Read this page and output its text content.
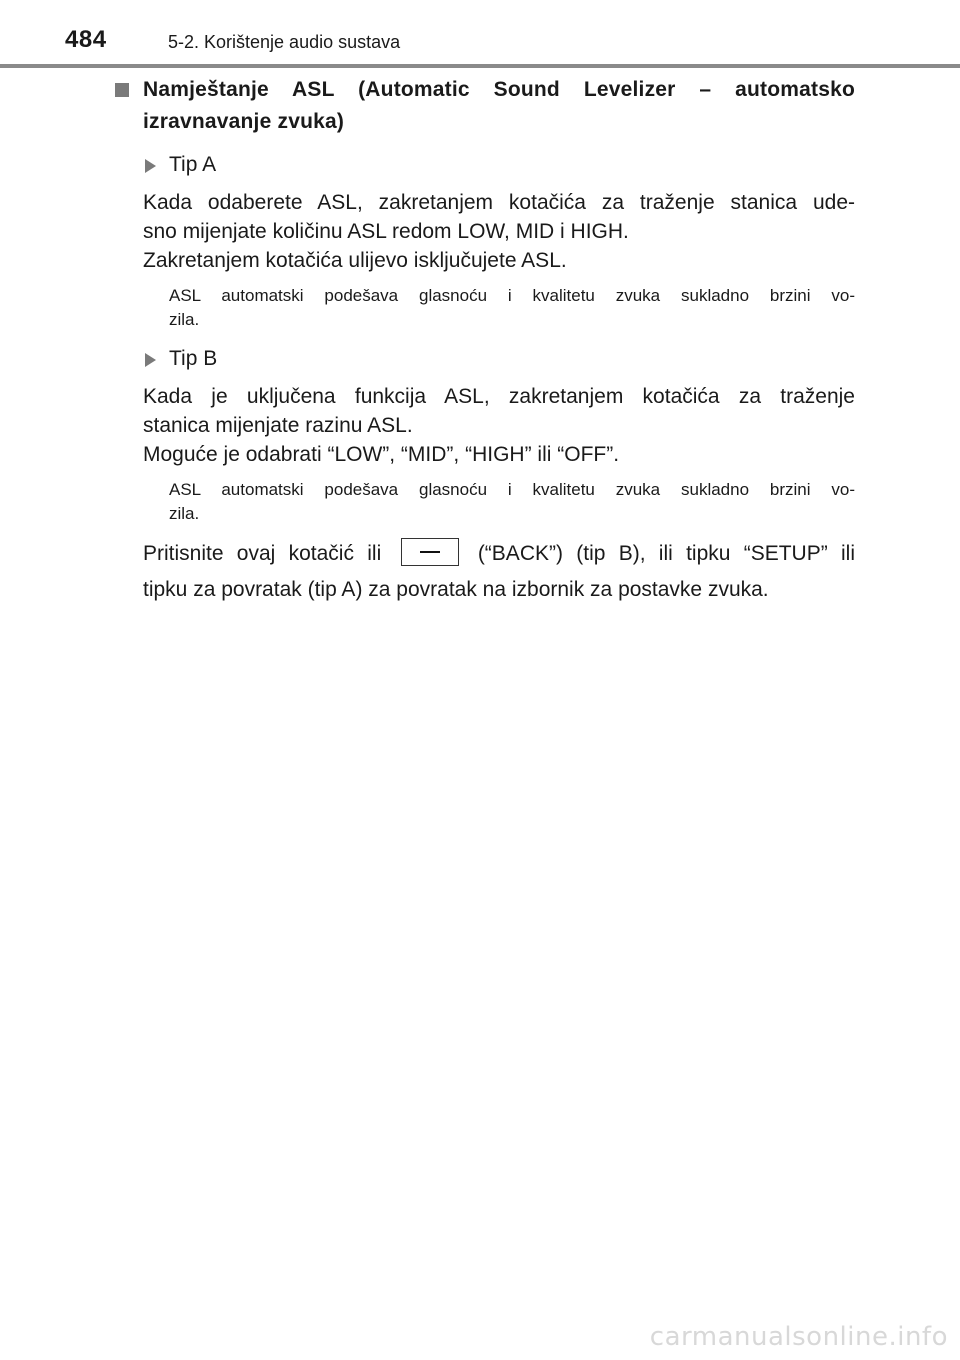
484	5-2. Korištenje audio sustava
Namještanje ASL (Automatic Sound Levelizer – automatsko
izravnavanje zvuka)
Tip A
Kada odaberete ASL, zakretanjem kotačića za traženje stanica ude-
sno mijenjate količinu ASL redom LOW, MID i HIGH.
Zakretanjem kotačića ulijevo isključujete ASL.
ASL automatski podešava glasnoću i kvalitetu zvuka sukladno brzini vo-
zila.
Tip B
Kada je uključena funkcija ASL, zakretanjem kotačića za traženje
stanica mijenjate razinu ASL.
Moguće je odabrati “LOW”, “MID”, “HIGH” ili “OFF”.
ASL automatski podešava glasnoću i kvalitetu zvuka sukladno brzini vo-
zila.
Pritisnite ovaj kotačić ili	(“BACK”) (tip B), ili tipku “SETUP” ili
tipku za povratak (tip A) za povratak na izbornik za postavke zvuka.
carmanualsonline.info
